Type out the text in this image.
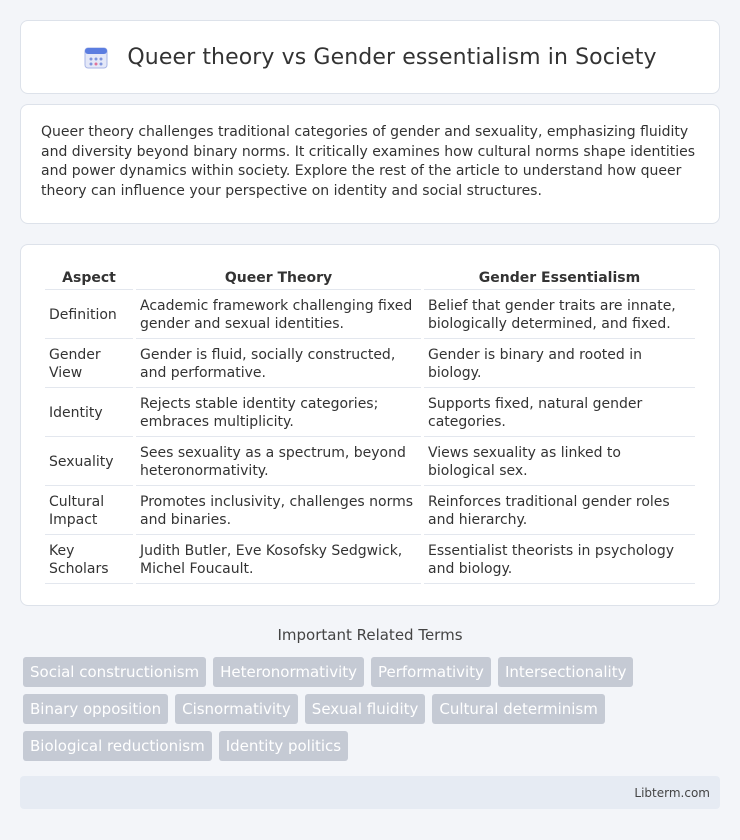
Queer theory vs Gender essentialism in Society

Queer theory challenges traditional categories of gender and sexuality, emphasizing fluidity and diversity beyond binary norms. It critically examines how cultural norms shape identities and power dynamics within society. Explore the rest of the article to understand how queer theory can influence your perspective on identity and social structures.

Aspect	Queer Theory	Gender Essentialism
Definition	Academic framework challenging fixed gender and sexual identities.	Belief that gender traits are innate, biologically determined, and fixed.
Gender View	Gender is fluid, socially constructed, and performative.	Gender is binary and rooted in biology.
Identity	Rejects stable identity categories; embraces multiplicity.	Supports fixed, natural gender categories.
Sexuality	Sees sexuality as a spectrum, beyond heteronormativity.	Views sexuality as linked to biological sex.
Cultural Impact	Promotes inclusivity, challenges norms and binaries.	Reinforces traditional gender roles and hierarchy.
Key Scholars	Judith Butler, Eve Kosofsky Sedgwick, Michel Foucault.	Essentialist theorists in psychology and biology.
Important Related Terms
Social constructionism	Heteronormativity	Performativity	Intersectionality
Binary opposition	Cisnormativity	Sexual fluidity	Cultural determinism
Biological reductionism	Identity politics
Libterm.com
